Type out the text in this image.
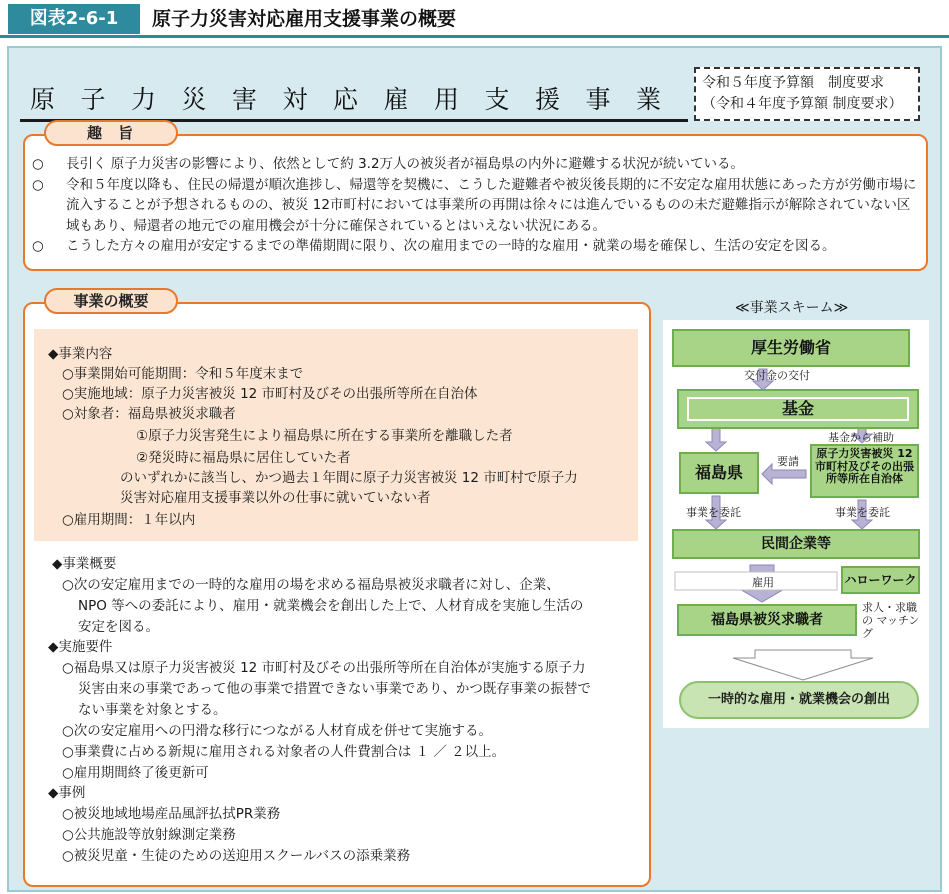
図表2-6-1	原子力災害対応雇用支援事業の概要
原子力災害対応雇用支援事業
令和５年度予算額　制度要求
（令和４年度予算額 制度要求）
趣旨
○ 長引く 原子力災害の影響により、依然として約 3.2万人の被災者が福島県の内外に避難する状況が続いている。
○ 令和５年度以降も、住民の帰還が順次進捗し、帰還等を契機に、こうした避難者や被災後長期的に不安定な雇用状態にあった方が労働市場に流入することが予想されるものの、被災 12市町村においては事業所の再開は徐々には進んでいるものの未だ避難指示が解除されていない区域もあり、帰還者の地元での雇用機会が十分に確保されているとはいえない状況にある。
○ こうした方々の雇用が安定するまでの準備期間に限り、次の雇用までの一時的な雇用・就業の場を確保し、生活の安定を図る。
事業の概要
◆事業内容
○事業開始可能期間：令和５年度末まで
○実施地域：原子力災害被災 12 市町村及びその出張所等所在自治体
○対象者：福島県被災求職者
①原子力災害発生により福島県に所在する事業所を離職した者
②発災時に福島県に居住していた者
のいずれかに該当し、かつ過去１年間に原子力災害被災 12 市町村で原子力
災害対応雇用支援事業以外の仕事に就いていない者
○雇用期間：１年以内
◆事業概要
○次の安定雇用までの一時的な雇用の場を求める福島県被災求職者に対し、企業、
NPO 等への委託により、雇用・就業機会を創出した上で、人材育成を実施し生活の
安定を図る。
◆実施要件
○福島県又は原子力災害被災 12 市町村及びその出張所等所在自治体が実施する原子力
災害由来の事業であって他の事業で措置できない事業であり、かつ既存事業の振替で
ない事業を対象とする。
○次の安定雇用への円滑な移行につながる人材育成を併せて実施する。
○事業費に占める新規に雇用される対象者の人件費割合は １ ／ ２以上。
○雇用期間終了後更新可
◆事例
○被災地域地場産品風評払拭PR業務
○公共施設等放射線測定業務
○被災児童・生徒のための送迎用スクールバスの添乗業務
≪事業スキーム≫
厚生労働省
交付金の交付
基金
基金から補助
福島県
要請
原子力災害被災 12 市町村及びその出張所等所在自治体
事業を委託	事業を委託
民間企業等
雇用	ハローワーク
求人・求職の マッチング
福島県被災求職者
一時的な雇用・就業機会の創出
